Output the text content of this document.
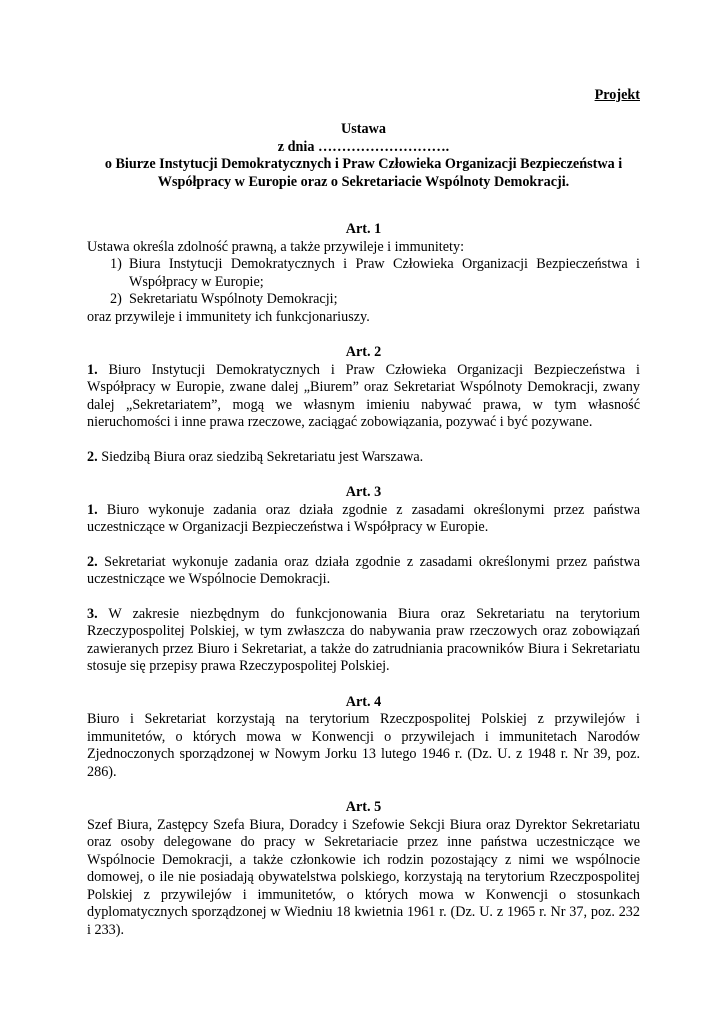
Projekt

Ustawa
z dnia ……………………….
o Biurze Instytucji Demokratycznych i Praw Człowieka Organizacji Bezpieczeństwa i Współpracy w Europie oraz o Sekretariacie Wspólnoty Demokracji.
Art. 1

Ustawa określa zdolność prawną, a także przywileje i immunitety:

1) Biura Instytucji Demokratycznych i Praw Człowieka Organizacji Bezpieczeństwa i Współpracy w Europie;
2) Sekretariatu Wspólnoty Demokracji;

oraz przywileje i immunitety ich funkcjonariuszy.

Art. 2

1. Biuro Instytucji Demokratycznych i Praw Człowieka Organizacji Bezpieczeństwa i Współpracy w Europie, zwane dalej „Biurem” oraz Sekretariat Wspólnoty Demokracji, zwany dalej „Sekretariatem”, mogą we własnym imieniu nabywać prawa, w tym własność nieruchomości i inne prawa rzeczowe, zaciągać zobowiązania, pozywać i być pozywane.

2. Siedzibą Biura oraz siedzibą Sekretariatu jest Warszawa.

Art. 3

1. Biuro wykonuje zadania oraz działa zgodnie z zasadami określonymi przez państwa uczestniczące w Organizacji Bezpieczeństwa i Współpracy w Europie.

2. Sekretariat wykonuje zadania oraz działa zgodnie z zasadami określonymi przez państwa uczestniczące we Wspólnocie Demokracji.

3. W zakresie niezbędnym do funkcjonowania Biura oraz Sekretariatu na terytorium Rzeczypospolitej Polskiej, w tym zwłaszcza do nabywania praw rzeczowych oraz zobowiązań zawieranych przez Biuro i Sekretariat, a także do zatrudniania pracowników Biura i Sekretariatu stosuje się przepisy prawa Rzeczypospolitej Polskiej.

Art. 4

Biuro i Sekretariat korzystają na terytorium Rzeczpospolitej Polskiej z przywilejów i immunitetów, o których mowa w Konwencji o przywilejach i immunitetach Narodów Zjednoczonych sporządzonej w Nowym Jorku 13 lutego 1946 r. (Dz. U. z 1948 r. Nr 39, poz. 286).

Art. 5

Szef Biura, Zastępcy Szefa Biura, Doradcy i Szefowie Sekcji Biura oraz Dyrektor Sekretariatu oraz osoby delegowane do pracy w Sekretariacie przez inne państwa uczestniczące we Wspólnocie Demokracji, a także członkowie ich rodzin pozostający z nimi we wspólnocie domowej, o ile nie posiadają obywatelstwa polskiego, korzystają na terytorium Rzeczpospolitej Polskiej z przywilejów i immunitetów, o których mowa w Konwencji o stosunkach dyplomatycznych sporządzonej w Wiedniu 18 kwietnia 1961 r. (Dz. U. z 1965 r. Nr 37, poz. 232 i 233).
